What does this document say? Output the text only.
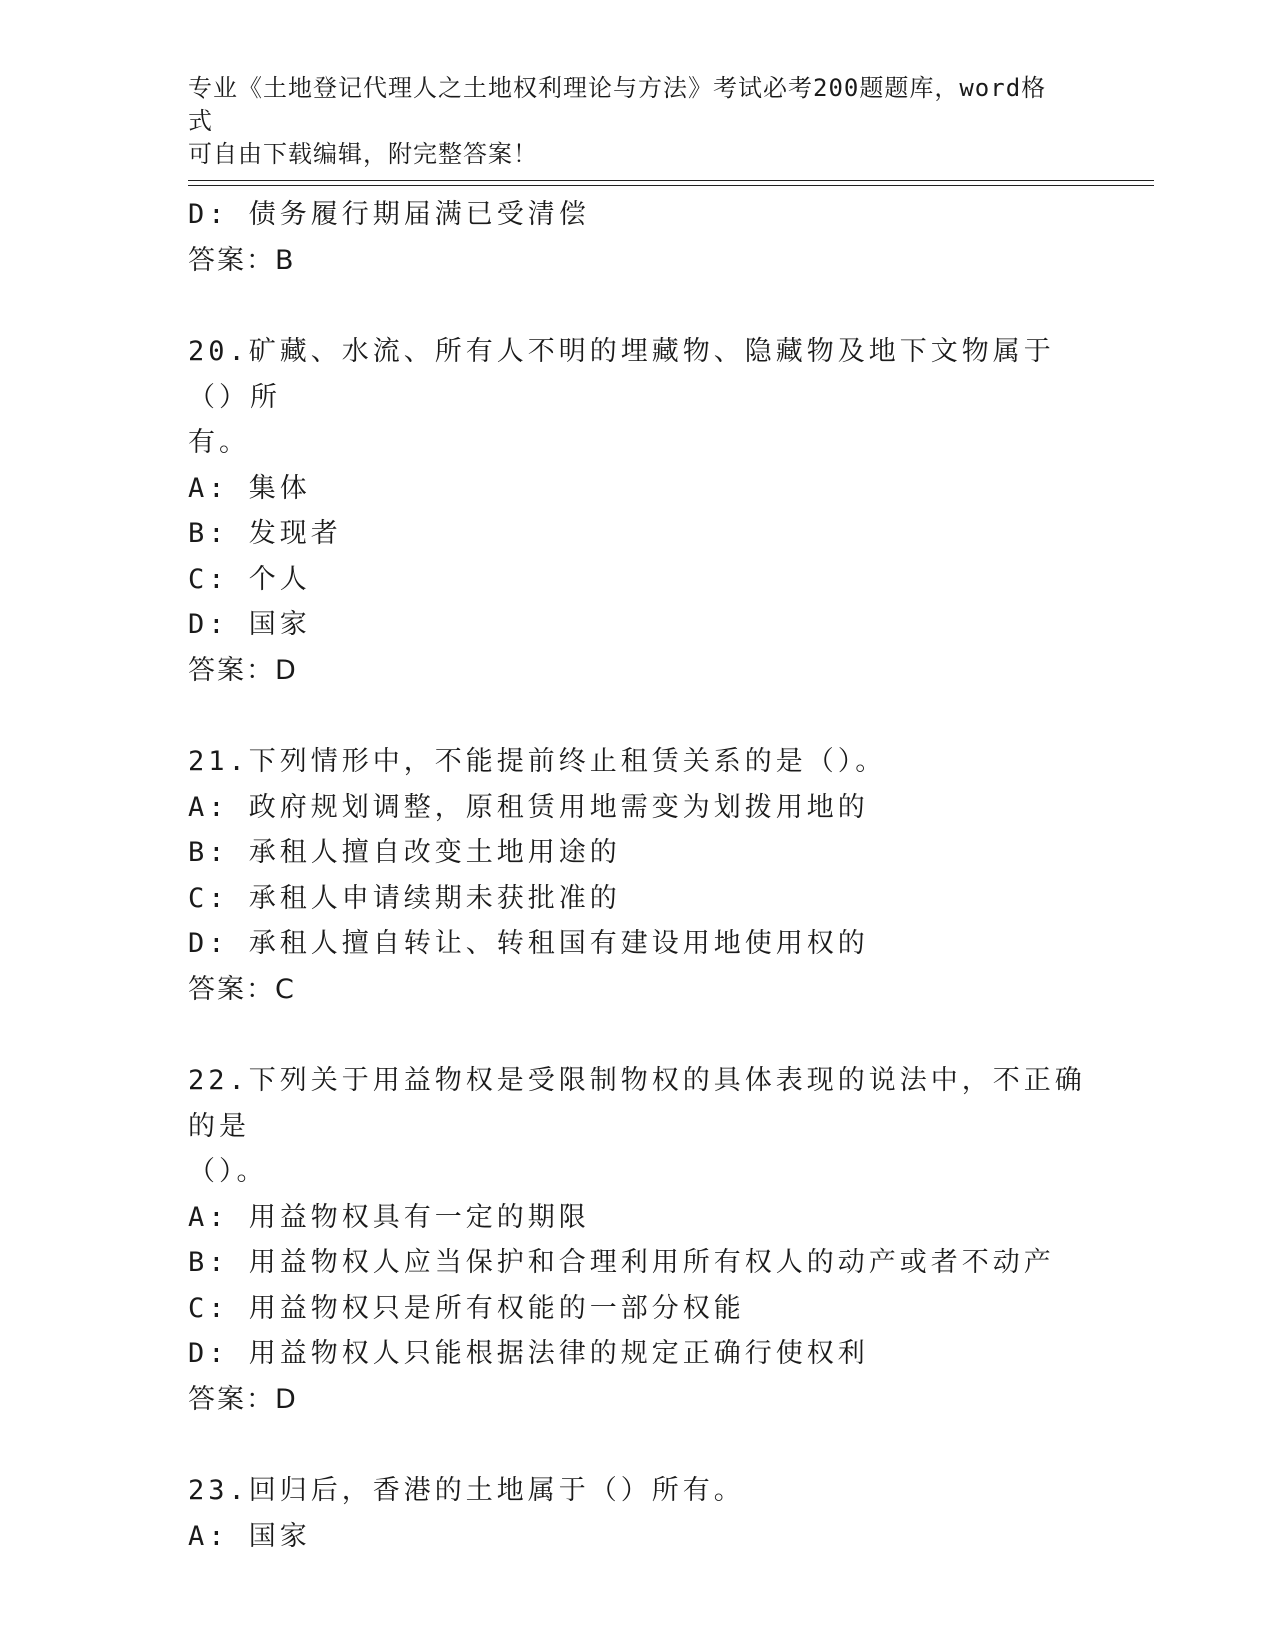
专业《土地登记代理人之土地权利理论与方法》考试必考200题题库，word格式
可自由下载编辑，附完整答案！
D: 债务履行期届满已受清偿
答案：B
20.矿藏、水流、所有人不明的埋藏物、隐藏物及地下文物属于（）所
有。
A: 集体
B: 发现者
C: 个人
D: 国家
答案：D
21.下列情形中，不能提前终止租赁关系的是（）。
A: 政府规划调整，原租赁用地需变为划拨用地的
B: 承租人擅自改变土地用途的
C: 承租人申请续期未获批准的
D: 承租人擅自转让、转租国有建设用地使用权的
答案：C
22.下列关于用益物权是受限制物权的具体表现的说法中，不正确的是
（）。
A: 用益物权具有一定的期限
B: 用益物权人应当保护和合理利用所有权人的动产或者不动产
C: 用益物权只是所有权能的一部分权能
D: 用益物权人只能根据法律的规定正确行使权利
答案：D
23.回归后，香港的土地属于（）所有。
A: 国家
